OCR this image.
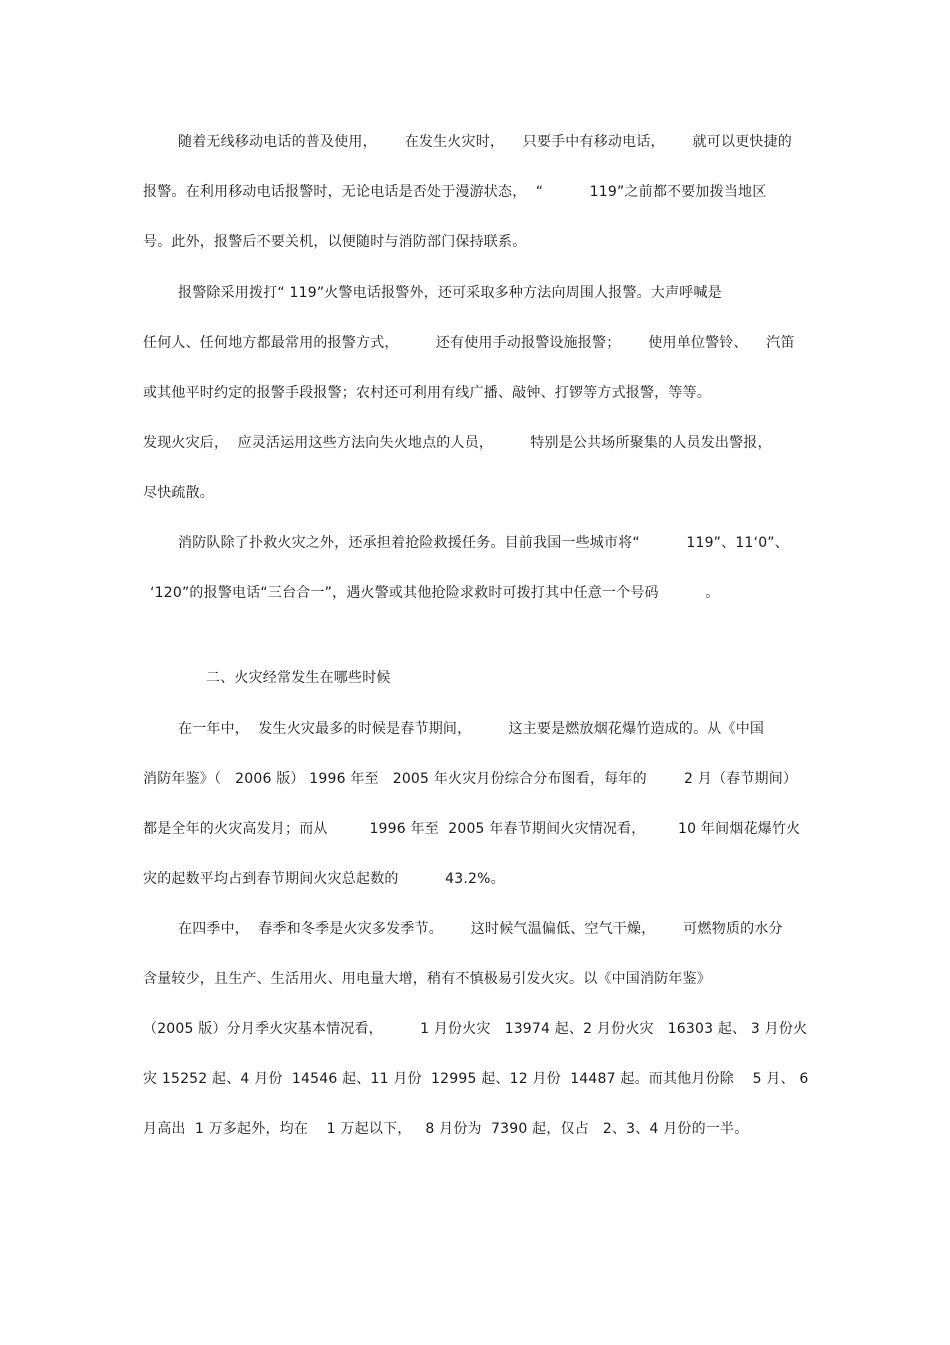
随着无线移动电话的普及使用，      在发生火灾时，    只要手中有移动电话，      就可以更快捷的
报警。在利用移动电话报警时，无论电话是否处于漫游状态，  “          119”之前都不要加拨当地区
号。此外，报警后不要关机，以便随时与消防部门保持联系。
报警除采用拨打“ 119”火警电话报警外，还可采取多种方法向周围人报警。大声呼喊是
任何人、任何地方都最常用的报警方式，        还有使用手动报警设施报警；      使用单位警铃、    汽笛
或其他平时约定的报警手段报警；农村还可利用有线广播、敲钟、打锣等方式报警，等等。
发现火灾后，  应灵活运用这些方法向失火地点的人员，        特别是公共场所聚集的人员发出警报，
尽快疏散。
消防队除了扑救火灾之外，还承担着抢险救援任务。目前我国一些城市将“          119”、11‘0”、
‘120”的报警电话“三台合一”，遇火警或其他抢险求救时可拨打其中任意一个号码          。
二、火灾经常发生在哪些时候
在一年中，  发生火灾最多的时候是春节期间，        这主要是燃放烟花爆竹造成的。从《中国
消防年鉴》（   2006 版） 1996 年至   2005 年火灾月份综合分布图看，每年的        2 月（春节期间）
都是全年的火灾高发月；而从         1996 年至  2005 年春节期间火灾情况看，       10 年间烟花爆竹火
灾的起数平均占到春节期间火灾总起数的          43.2%。
在四季中，  春季和冬季是火灾多发季节。      这时候气温偏低、空气干燥，      可燃物质的水分
含量较少，且生产、生活用火、用电量大增，稍有不慎极易引发火灾。以《中国消防年鉴》
（2005 版）分月季火灾基本情况看，        1 月份火灾   13974 起、2 月份火灾   16303 起、 3 月份火
灾 15252 起、4 月份  14546 起、11 月份  12995 起、12 月份  14487 起。而其他月份除    5 月、 6
月高出  1 万多起外，均在    1 万起以下，   8 月份为  7390 起，仅占   2、3、4 月份的一半。
